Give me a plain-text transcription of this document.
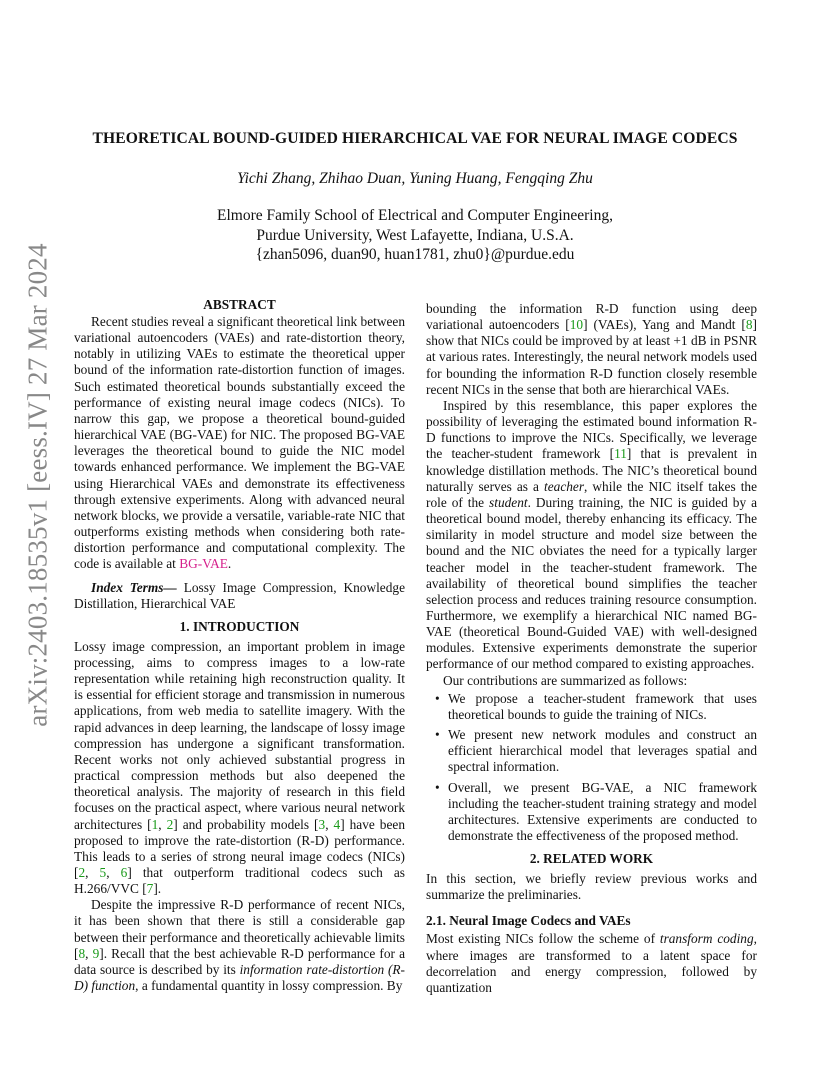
arXiv:2403.18535v1 [eess.IV] 27 Mar 2024
THEORETICAL BOUND-GUIDED HIERARCHICAL VAE FOR NEURAL IMAGE CODECS
Yichi Zhang, Zhihao Duan, Yuning Huang, Fengqing Zhu
Elmore Family School of Electrical and Computer Engineering,
Purdue University, West Lafayette, Indiana, U.S.A.
{zhan5096, duan90, huan1781, zhu0}@purdue.edu
ABSTRACT

Recent studies reveal a significant theoretical link between variational autoencoders (VAEs) and rate-distortion theory, notably in utilizing VAEs to estimate the theoretical upper bound of the information rate-distortion function of images. Such estimated theoretical bounds substantially exceed the performance of existing neural image codecs (NICs). To narrow this gap, we propose a theoretical bound-guided hierarchical VAE (BG-VAE) for NIC. The proposed BG-VAE leverages the theoretical bound to guide the NIC model towards enhanced performance. We implement the BG-VAE using Hierarchical VAEs and demonstrate its effectiveness through extensive experiments. Along with advanced neural network blocks, we provide a versatile, variable-rate NIC that outperforms existing methods when considering both rate-distortion performance and computational complexity. The code is available at BG-VAE.

Index Terms— Lossy Image Compression, Knowledge Distillation, Hierarchical VAE

1. INTRODUCTION

Lossy image compression, an important problem in image processing, aims to compress images to a low-rate representation while retaining high reconstruction quality. It is essential for efficient storage and transmission in numerous applications, from web media to satellite imagery. With the rapid advances in deep learning, the landscape of lossy image compression has undergone a significant transformation. Recent works not only achieved substantial progress in practical compression methods but also deepened the theoretical analysis. The majority of research in this field focuses on the practical aspect, where various neural network architectures [1, 2] and probability models [3, 4] have been proposed to improve the rate-distortion (R-D) performance. This leads to a series of strong neural image codecs (NICs) [2, 5, 6] that outperform traditional codecs such as H.266/VVC [7].

Despite the impressive R-D performance of recent NICs, it has been shown that there is still a considerable gap between their performance and theoretically achievable limits [8, 9]. Recall that the best achievable R-D performance for a data source is described by its information rate-distortion (R-D) function, a fundamental quantity in lossy compression. By

bounding the information R-D function using deep variational autoencoders [10] (VAEs), Yang and Mandt [8] show that NICs could be improved by at least +1 dB in PSNR at various rates. Interestingly, the neural network models used for bounding the information R-D function closely resemble recent NICs in the sense that both are hierarchical VAEs.

Inspired by this resemblance, this paper explores the possibility of leveraging the estimated bound information R-D functions to improve the NICs. Specifically, we leverage the teacher-student framework [11] that is prevalent in knowledge distillation methods. The NIC’s theoretical bound naturally serves as a teacher, while the NIC itself takes the role of the student. During training, the NIC is guided by a theoretical bound model, thereby enhancing its efficacy. The similarity in model structure and model size between the bound and the NIC obviates the need for a typically larger teacher model in the teacher-student framework. The availability of theoretical bound simplifies the teacher selection process and reduces training resource consumption. Furthermore, we exemplify a hierarchical NIC named BG-VAE (theoretical Bound-Guided VAE) with well-designed modules. Extensive experiments demonstrate the superior performance of our method compared to existing approaches.

Our contributions are summarized as follows:

• We propose a teacher-student framework that uses theoretical bounds to guide the training of NICs.
• We present new network modules and construct an efficient hierarchical model that leverages spatial and spectral information.
• Overall, we present BG-VAE, a NIC framework including the teacher-student training strategy and model architectures. Extensive experiments are conducted to demonstrate the effectiveness of the proposed method.
2. RELATED WORK

In this section, we briefly review previous works and summarize the preliminaries.

2.1. Neural Image Codecs and VAEs

Most existing NICs follow the scheme of transform coding, where images are transformed to a latent space for decorrelation and energy compression, followed by quantization
